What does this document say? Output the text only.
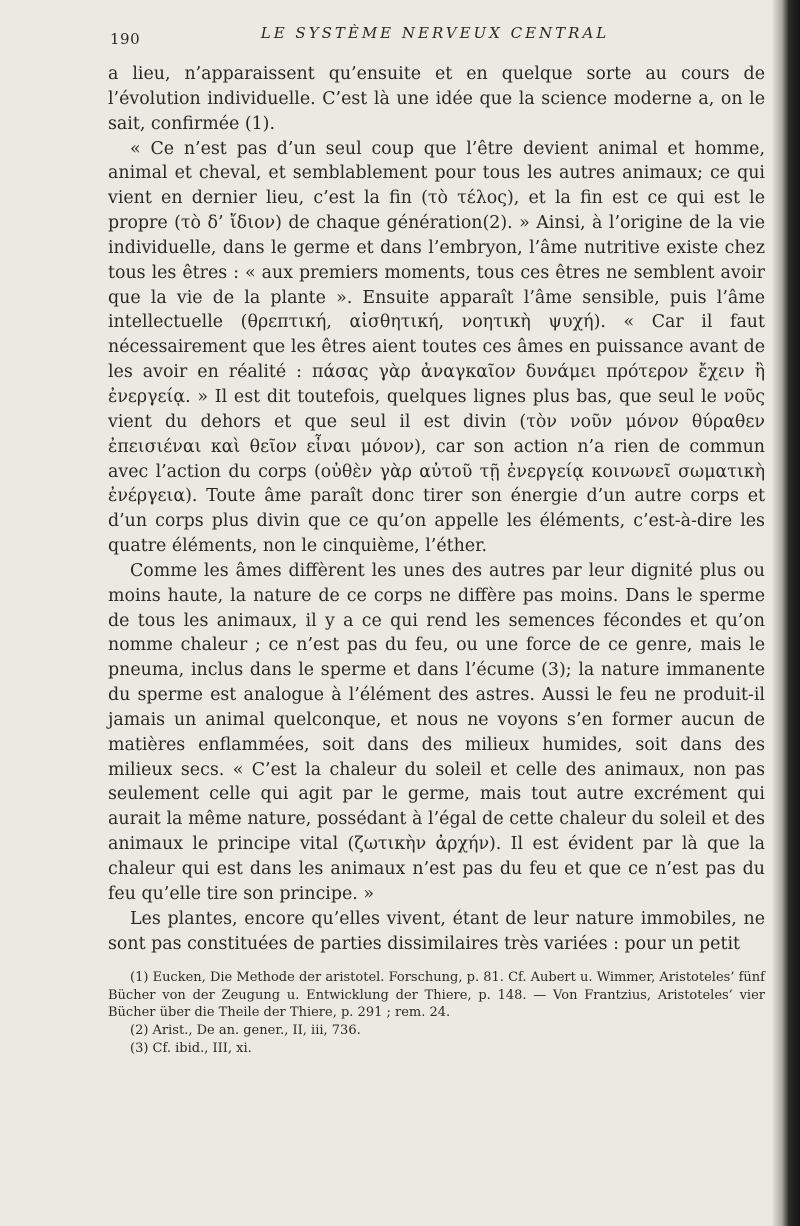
190	LE SYSTÈME NERVEUX CENTRAL

a lieu, n’apparaissent qu’ensuite et en quelque sorte au cours de l’évolution individuelle. C’est là une idée que la science moderne a, on le sait, confirmée (1).

« Ce n’est pas d’un seul coup que l’être devient animal et homme, animal et cheval, et semblablement pour tous les autres animaux; ce qui vient en dernier lieu, c’est la fin (τὸ τέλος), et la fin est ce qui est le propre (τὸ δ’ ἴδιον) de chaque génération(2). » Ainsi, à l’origine de la vie individuelle, dans le germe et dans l’embryon, l’âme nutritive existe chez tous les êtres : « aux premiers moments, tous ces êtres ne semblent avoir que la vie de la plante ». Ensuite apparaît l’âme sensible, puis l’âme intellectuelle (θρεπτική, αἰσθητική, νοητικὴ ψυχή). « Car il faut nécessairement que les êtres aient toutes ces âmes en puissance avant de les avoir en réalité : πάσας γὰρ ἀναγκαῖον δυνάμει πρότερον ἔχειν ἢ ἐνεργείᾳ. » Il est dit toutefois, quelques lignes plus bas, que seul le νοῦς vient du dehors et que seul il est divin (τὸν νοῦν μόνον θύραθεν ἐπεισιέναι καὶ θεῖον εἶναι μόνον), car son action n’a rien de commun avec l’action du corps (οὐθὲν γὰρ αὐτοῦ τῇ ἐνεργείᾳ κοινωνεῖ σωματικὴ ἐνέργεια). Toute âme paraît donc tirer son énergie d’un autre corps et d’un corps plus divin que ce qu’on appelle les éléments, c’est-à-dire les quatre éléments, non le cinquième, l’éther.

Comme les âmes diffèrent les unes des autres par leur dignité plus ou moins haute, la nature de ce corps ne diffère pas moins. Dans le sperme de tous les animaux, il y a ce qui rend les semences fécondes et qu’on nomme chaleur ; ce n’est pas du feu, ou une force de ce genre, mais le pneuma, inclus dans le sperme et dans l’écume (3); la nature immanente du sperme est analogue à l’élément des astres. Aussi le feu ne produit-il jamais un animal quelconque, et nous ne voyons s’en former aucun de matières enflammées, soit dans des milieux humides, soit dans des milieux secs. « C’est la chaleur du soleil et celle des animaux, non pas seulement celle qui agit par le germe, mais tout autre excrément qui aurait la même nature, possédant à l’égal de cette chaleur du soleil et des animaux le principe vital (ζωτικὴν ἀρχήν). Il est évident par là que la chaleur qui est dans les animaux n’est pas du feu et que ce n’est pas du feu qu’elle tire son principe. »

Les plantes, encore qu’elles vivent, étant de leur nature immobiles, ne sont pas constituées de parties dissimilaires très variées : pour un petit

(1) Eucken, Die Methode der aristotel. Forschung, p. 81. Cf. Aubert u. Wimmer, Aristoteles’ fünf Bücher von der Zeugung u. Entwicklung der Thiere, p. 148. — Von Frantzius, Aristoteles’ vier Bücher über die Theile der Thiere, p. 291 ; rem. 24.

(2) Arist., De an. gener., II, iii, 736.

(3) Cf. ibid., III, xi.
